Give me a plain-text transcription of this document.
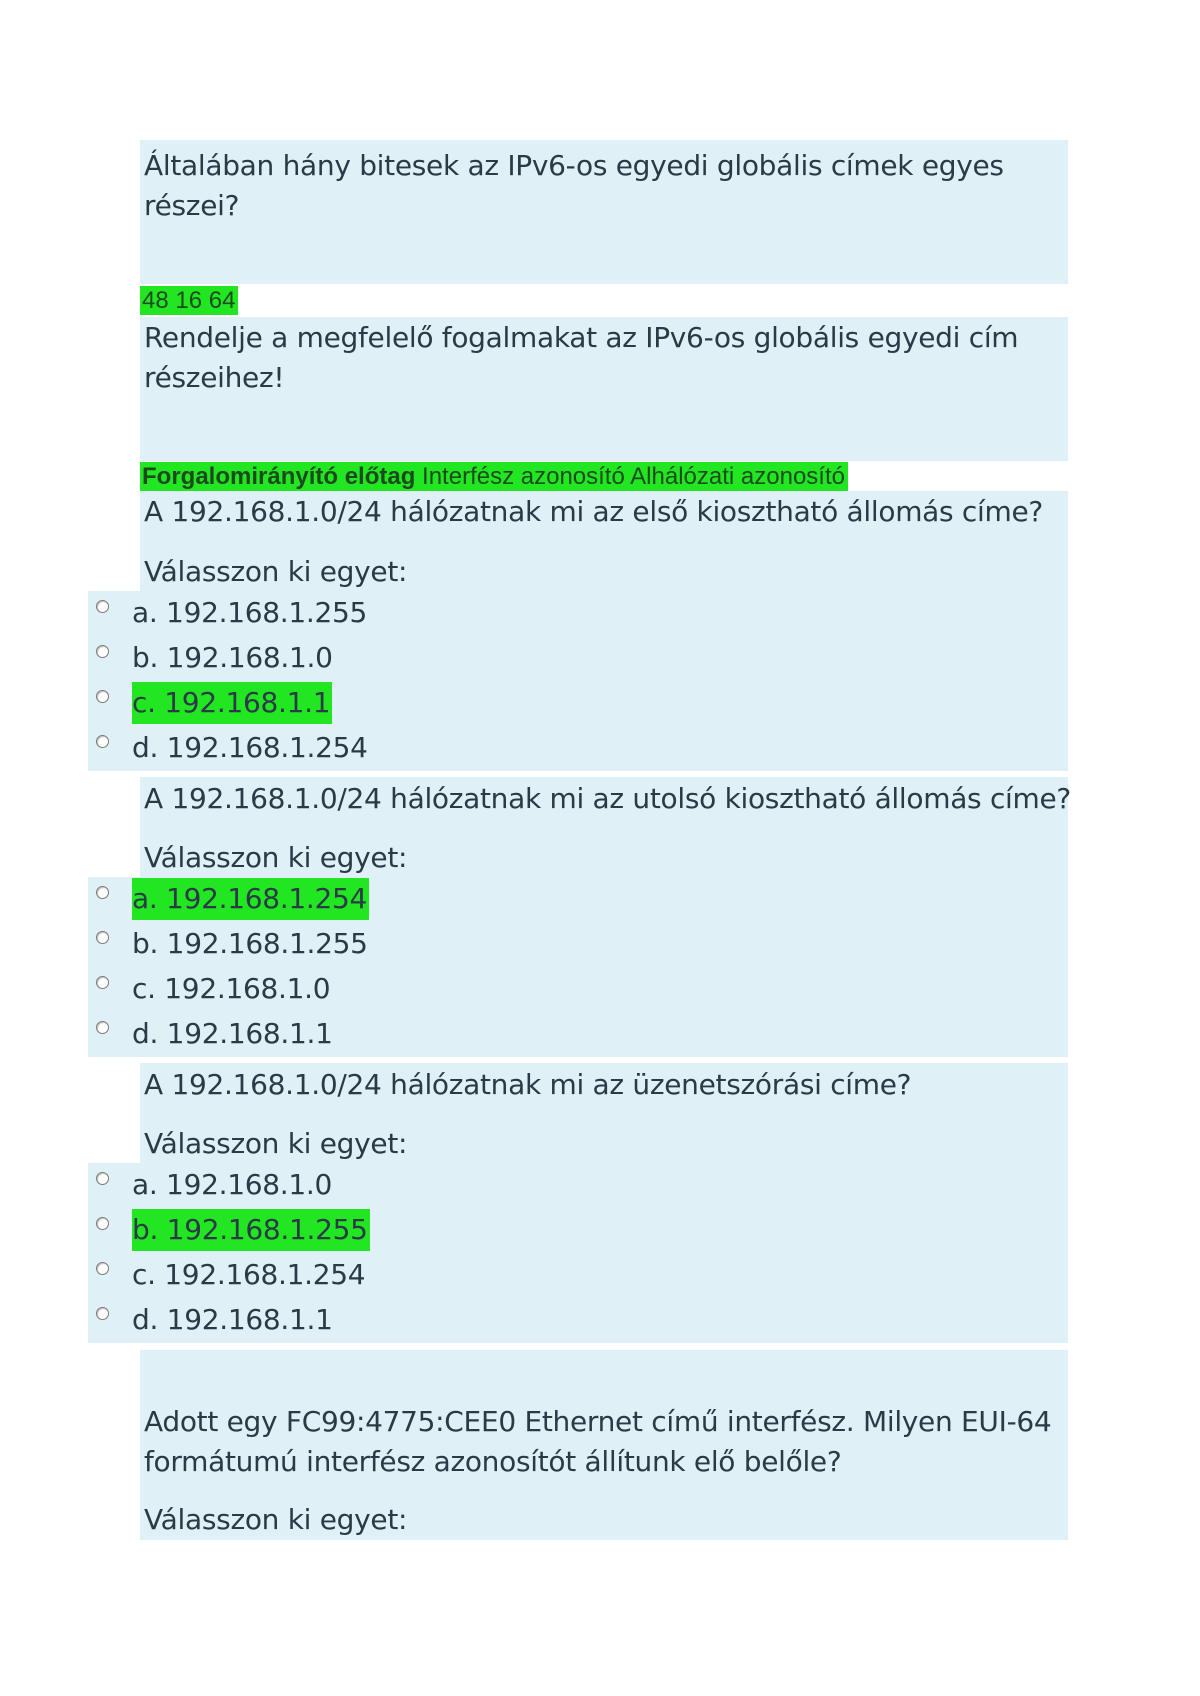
Általában hány bitesek az IPv6-os egyedi globális címek egyes
részei?
48 16 64
Rendelje a megfelelő fogalmakat az IPv6-os globális egyedi cím
részeihez!
Forgalomirányító előtag Interfész azonosító Alhálózati azonosító
A 192.168.1.0/24 hálózatnak mi az első kiosztható állomás címe?
Válasszon ki egyet:
a. 192.168.1.255
b. 192.168.1.0
c. 192.168.1.1
d. 192.168.1.254
A 192.168.1.0/24 hálózatnak mi az utolsó kiosztható állomás címe?
Válasszon ki egyet:
a. 192.168.1.254
b. 192.168.1.255
c. 192.168.1.0
d. 192.168.1.1
A 192.168.1.0/24 hálózatnak mi az üzenetszórási címe?
Válasszon ki egyet:
a. 192.168.1.0
b. 192.168.1.255
c. 192.168.1.254
d. 192.168.1.1
Adott egy FC99:4775:CEE0 Ethernet című interfész. Milyen EUI-64
formátumú interfész azonosítót állítunk elő belőle?
Válasszon ki egyet:
